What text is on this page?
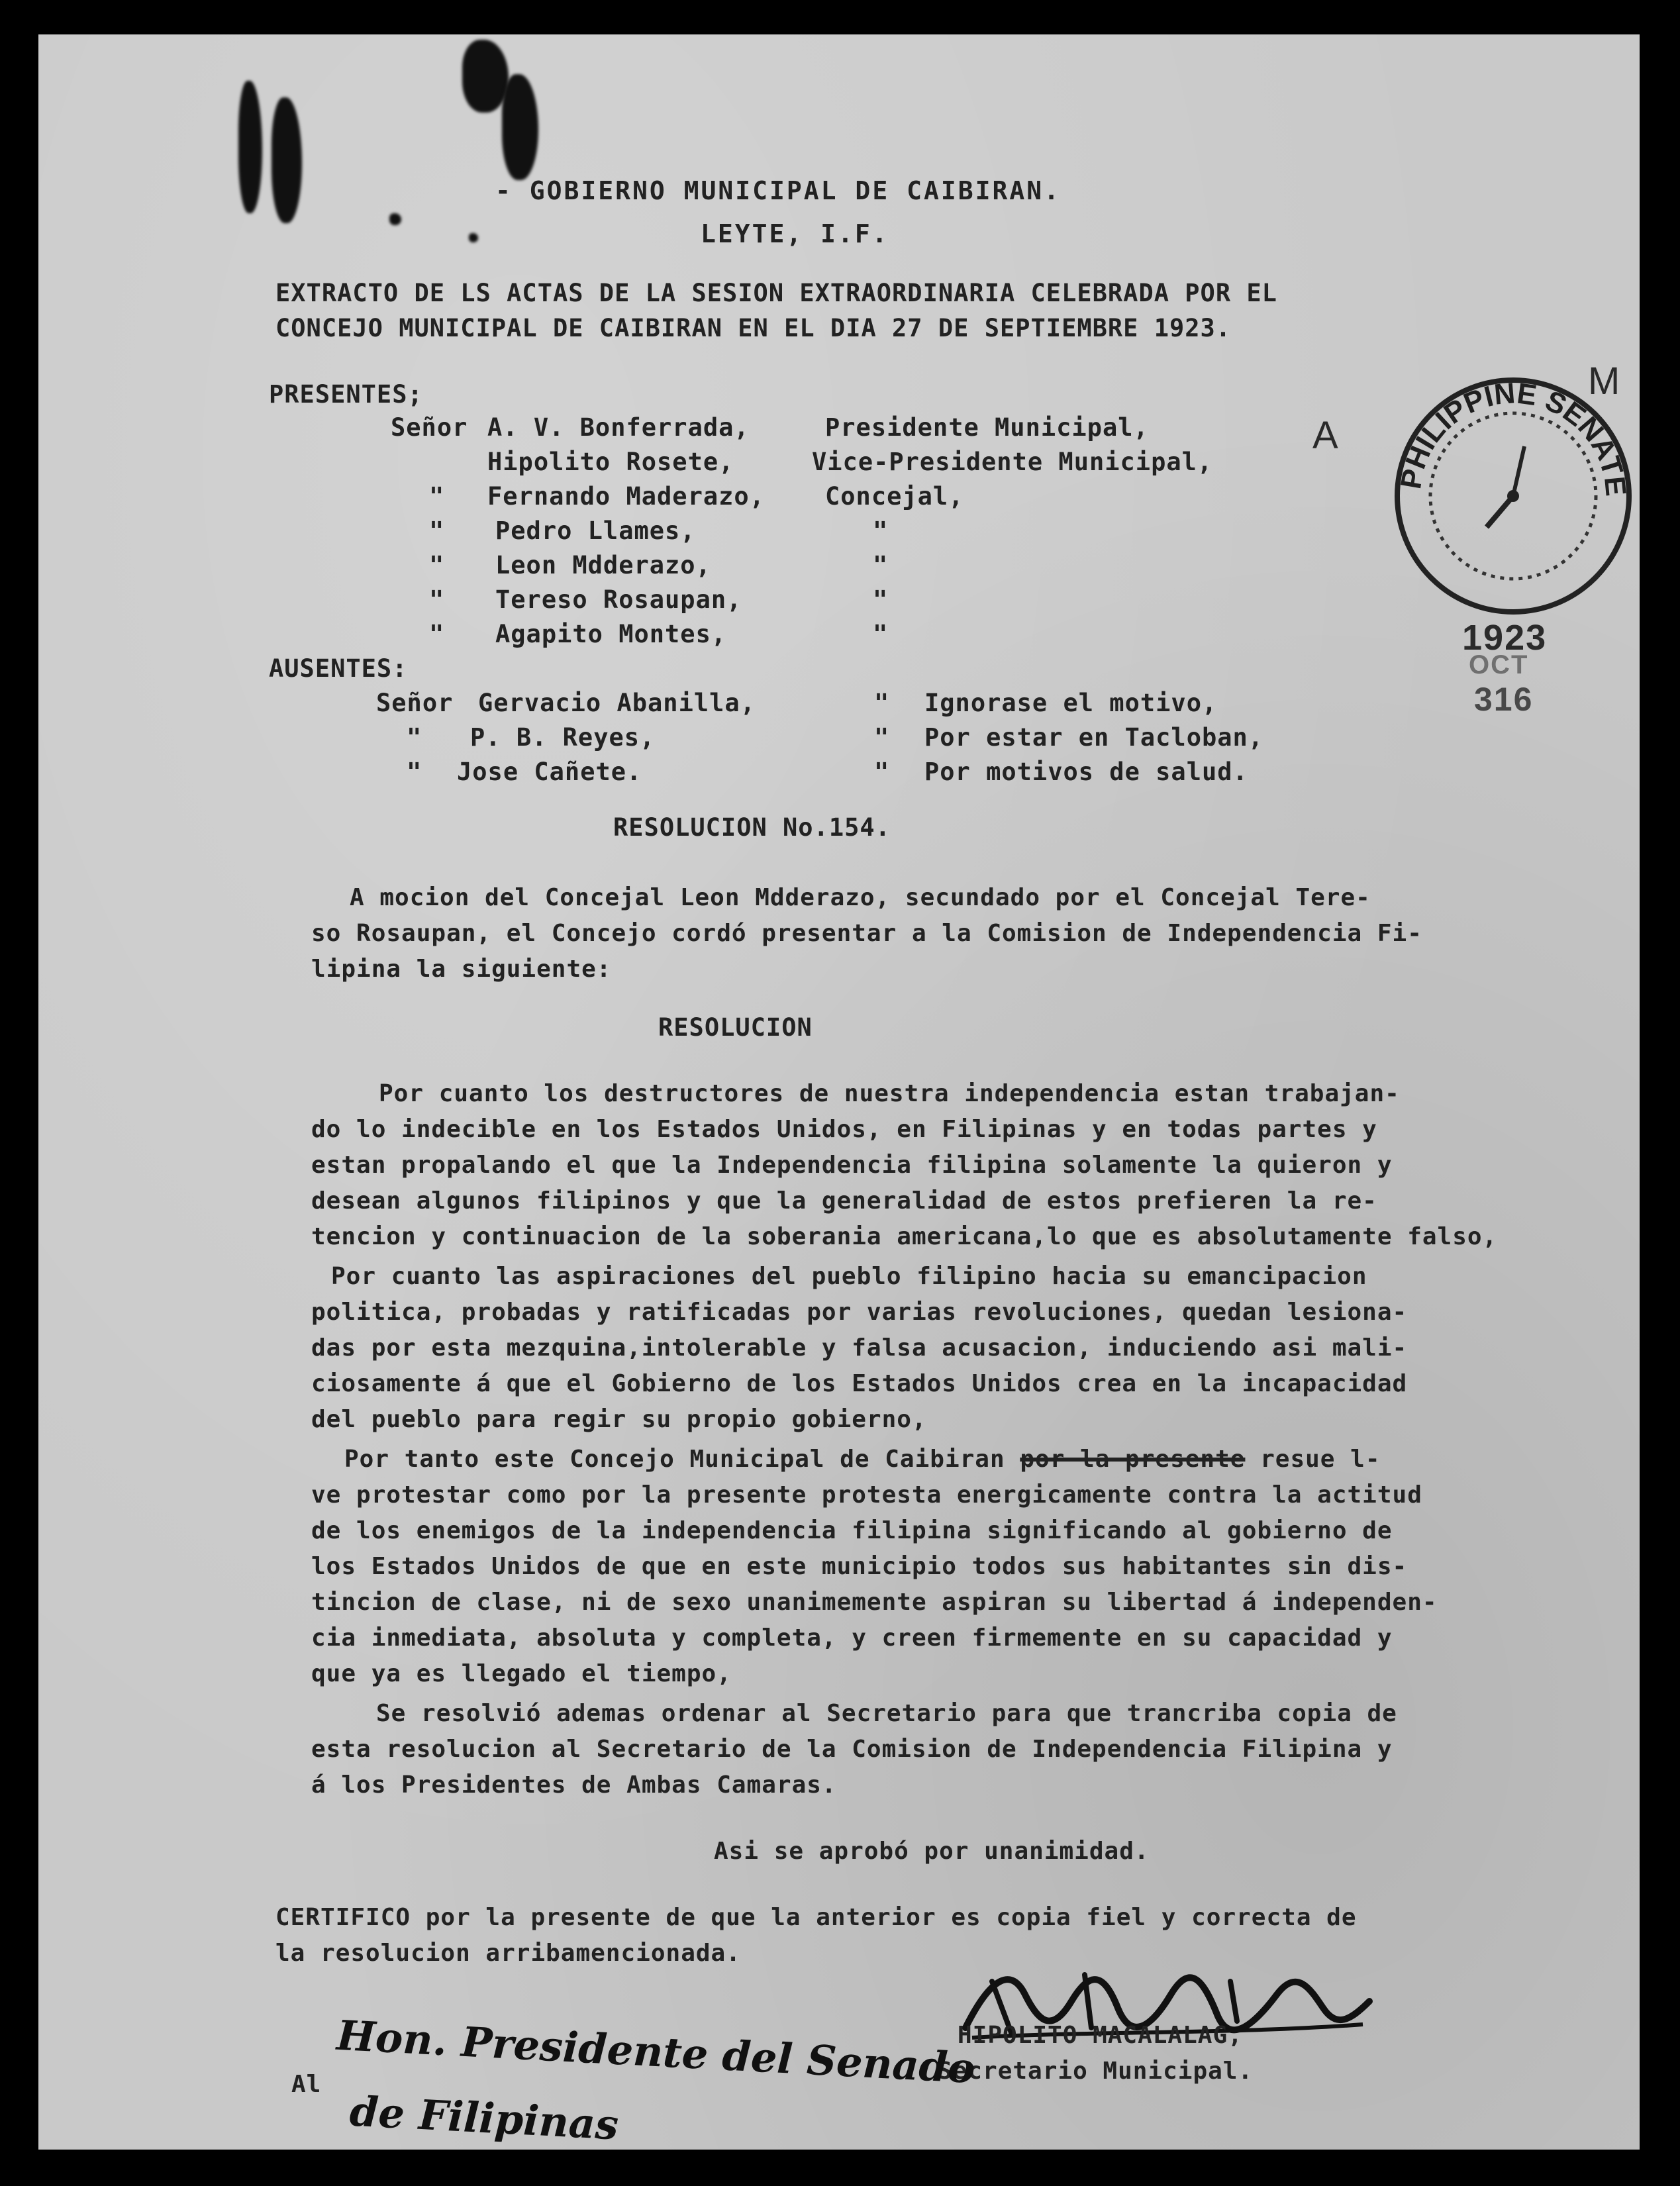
- GOBIERNO MUNICIPAL DE CAIBIRAN.
LEYTE, I.F.
EXTRACTO DE LS ACTAS DE LA SESION EXTRAORDINARIA CELEBRADA POR EL
CONCEJO MUNICIPAL DE CAIBIRAN EN EL DIA 27 DE SEPTIEMBRE 1923.
PRESENTES;
Señor A. V. Bonferrada,	Presidente Municipal,
Hipolito Rosete,	Vice-Presidente Municipal,
" Fernando Maderazo, Concejal,
" Pedro Llames,	"
" Leon Mdderazo,	"
" Tereso Rosaupan,	"
" Agapito Montes,	"
AUSENTES:
Señor Gervacio Abanilla,	" Ignorase el motivo,
" P. B. Reyes,	" Por estar en Tacloban,
" Jose Cañete.	" Por motivos de salud.
RESOLUCION No.154.
A mocion del Concejal Leon Mdderazo, secundado por el Concejal Tere-
so Rosaupan, el Concejo cordó presentar a la Comision de Independencia Fi-
lipina la siguiente:
RESOLUCION
Por cuanto los destructores de nuestra independencia estan trabajan-
do lo indecible en los Estados Unidos, en Filipinas y en todas partes y
estan propalando el que la Independencia filipina solamente la quieron y
desean algunos filipinos y que la generalidad de estos prefieren la re-
tencion y continuacion de la soberania americana,lo que es absolutamente falso,
Por cuanto las aspiraciones del pueblo filipino hacia su emancipacion
politica, probadas y ratificadas por varias revoluciones, quedan lesiona-
das por esta mezquina,intolerable y falsa acusacion, induciendo asi mali-
ciosamente á que el Gobierno de los Estados Unidos crea en la incapacidad
del pueblo para regir su propio gobierno,
Por tanto este Concejo Municipal de Caibiran por la presente resue l-
ve protestar como por la presente protesta energicamente contra la actitud
de los enemigos de la independencia filipina significando al gobierno de
los Estados Unidos de que en este municipio todos sus habitantes sin dis-
tincion de clase, ni de sexo unanimemente aspiran su libertad á independen-
cia inmediata, absoluta y completa, y creen firmemente en su capacidad y
que ya es llegado el tiempo,
Se resolvió ademas ordenar al Secretario para que trancriba copia de
esta resolucion al Secretario de la Comision de Independencia Filipina y
á los Presidentes de Ambas Camaras.
Asi se aprobó por unanimidad.
CERTIFICO por la presente de que la anterior es copia fiel y correcta de
la resolucion arribamencionada.
HIPOLITO MACALALAG,
Secretario Municipal.
Al Hon. Presidente del Senado
de Filipinas
PHILIPPINE SENATE
A
M
1923
OCT
316
